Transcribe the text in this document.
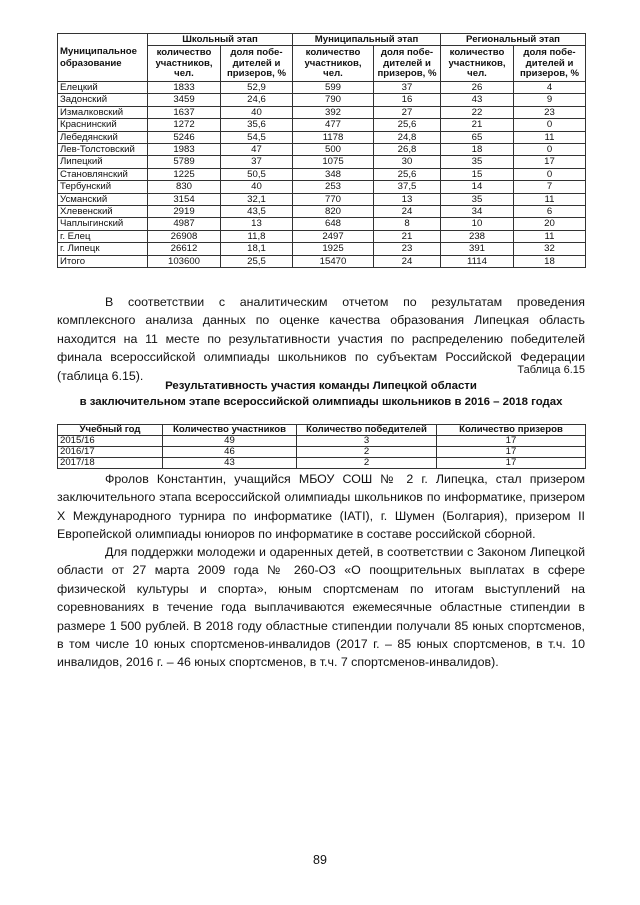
Муниципальное образование	Школьный этап		Муниципальный этап		Региональный этап	
	количество участников, чел.	доля побе-дителей и призеров, %	количество участников, чел.	доля побе-дителей и призеров, %	количество участников, чел.	доля побе-дителей и призеров, %
Елецкий	1833	52,9	599	37	26	4
Задонский	3459	24,6	790	16	43	9
Измалковский	1637	40	392	27	22	23
Краснинский	1272	35,6	477	25,6	21	0
Лебедянский	5246	54,5	1178	24,8	65	11
Лев-Толстовский	1983	47	500	26,8	18	0
Липецкий	5789	37	1075	30	35	17
Становлянский	1225	50,5	348	25,6	15	0
Тербунский	830	40	253	37,5	14	7
Усманский	3154	32,1	770	13	35	11
Хлевенский	2919	43,5	820	24	34	6
Чаплыгинский	4987	13	648	8	10	20
г. Елец	26908	11,8	2497	21	238	11
г. Липецк	26612	18,1	1925	23	391	32
Итого	103600	25,5	15470	24	1114	18

В соответствии с аналитическим отчетом по результатам проведения комплексного анализа данных по оценке качества образования Липецкая область находится на 11 месте по результативности участия по распределению победителей финала всероссийской олимпиады школьников по субъектам Российской Федерации (таблица 6.15).	Таблица 6.15
Результативность участия команды Липецкой области
в заключительном этапе всероссийской олимпиады школьников в 2016 – 2018 годах
Учебный год	Количество участников	Количество победителей	Количество призеров
2015/16	49	3	17
2016/17	46	2	17
2017/18	43	2	17

Фролов Константин, учащийся МБОУ СОШ № 2 г. Липецка, стал призером заключительного этапа всероссийской олимпиады школьников по информатике, призером X Международного турнира по информатике (IATI), г. Шумен (Болгария), призером II Европейской олимпиады юниоров по информатике в составе российской сборной.

Для поддержки молодежи и одаренных детей, в соответствии с Законом Липецкой области от 27 марта 2009 года № 260-ОЗ «О поощрительных выплатах в сфере физической культуры и спорта», юным спортсменам по итогам выступлений на соревнованиях в течение года выплачиваются ежемесячные областные стипендии в размере 1 500 рублей. В 2018 году областные стипендии получали 85 юных спортсменов, в том числе 10 юных спортсменов-инвалидов (2017 г. – 85 юных спортсменов, в т.ч. 10 инвалидов, 2016 г. – 46 юных спортсменов, в т.ч. 7 спортсменов-инвалидов).

89
